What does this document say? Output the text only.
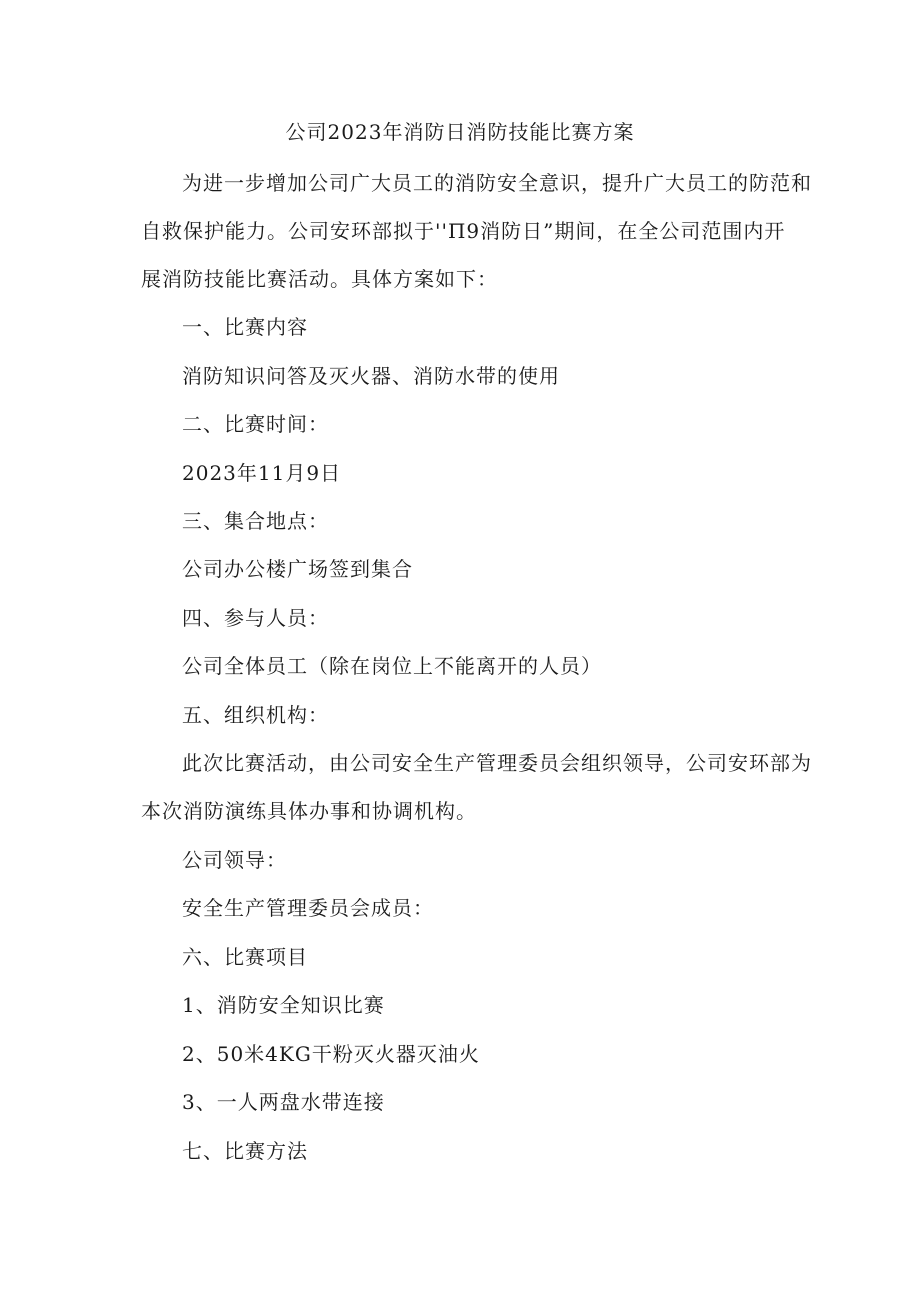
公司2023年消防日消防技能比赛方案
为进一步增加公司广大员工的消防安全意识，提升广大员工的防范和
自救保护能力。公司安环部拟于''Π9消防日”期间，在全公司范围内开
展消防技能比赛活动。具体方案如下：
一、比赛内容
消防知识问答及灭火器、消防水带的使用
二、比赛时间：
2023年11月9日
三、集合地点：
公司办公楼广场签到集合
四、参与人员：
公司全体员工（除在岗位上不能离开的人员）
五、组织机构：
此次比赛活动，由公司安全生产管理委员会组织领导，公司安环部为
本次消防演练具体办事和协调机构。
公司领导：
安全生产管理委员会成员：
六、比赛项目
1、消防安全知识比赛
2、50米4KG干粉灭火器灭油火
3、一人两盘水带连接
七、比赛方法
